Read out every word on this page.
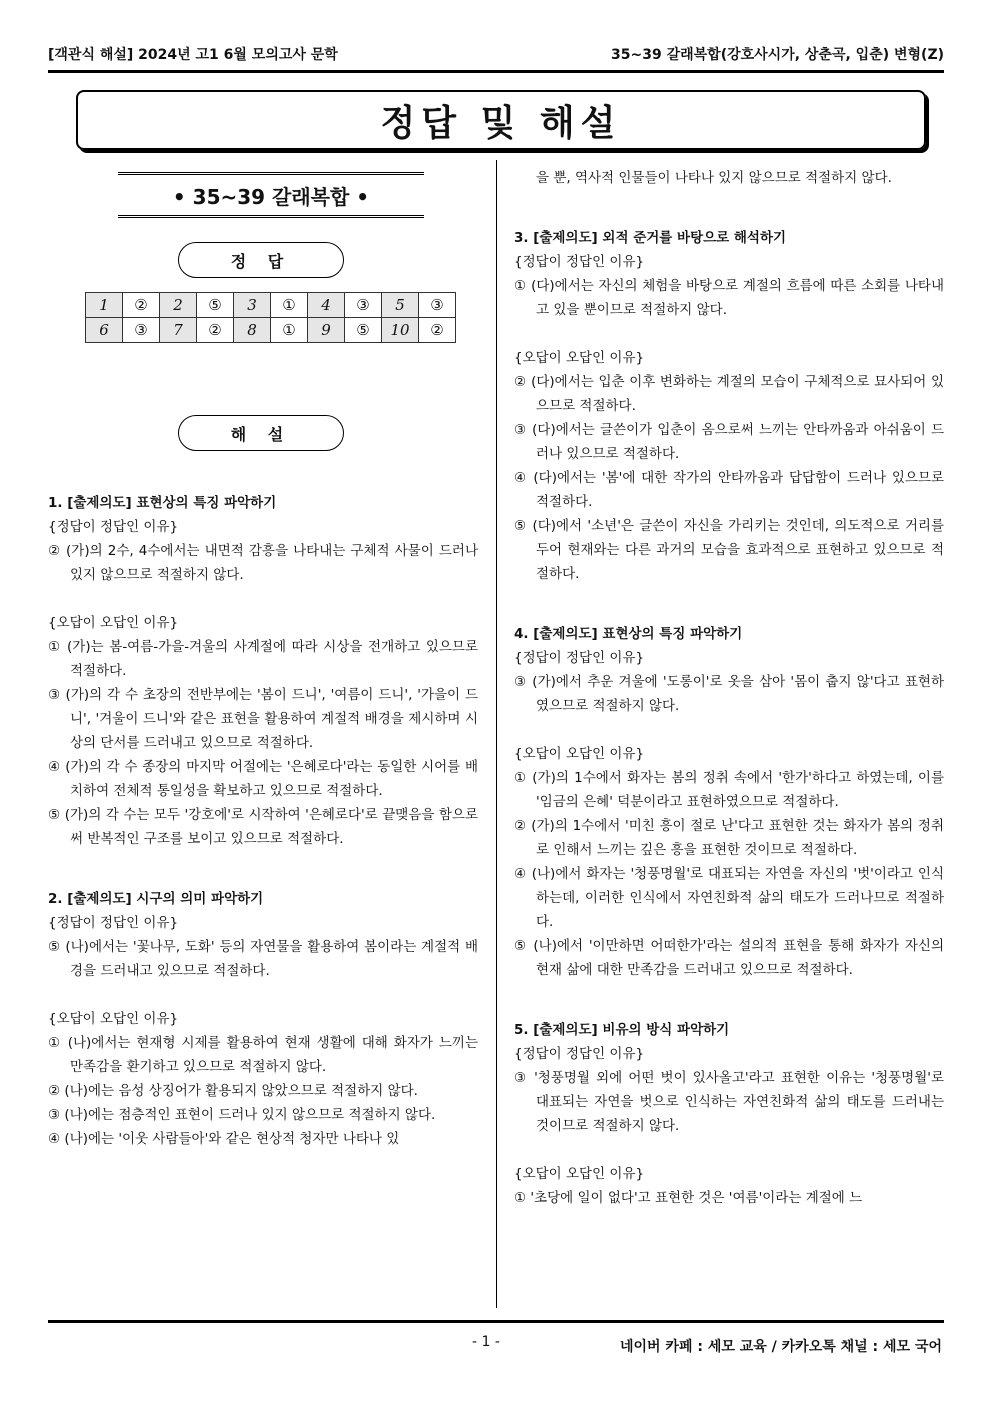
[객관식 해설] 2024년 고1 6월 모의고사 문학	35~39 갈래복합(강호사시가, 상춘곡, 입춘) 변형(Z)
정답 및 해설
• 35~39 갈래복합 •
정 답
1	②	2	⑤	3	①	4	③	5	③
6	③	7	②	8	①	9	⑤	10	②
해 설
1. [출제의도] 표현상의 특징 파악하기
{정답이 정답인 이유}
② (가)의 2수, 4수에서는 내면적 감흥을 나타내는 구체적 사물이 드러나 있지 않으므로 적절하지 않다.
{오답이 오답인 이유}
① (가)는 봄-여름-가을-겨울의 사계절에 따라 시상을 전개하고 있으므로 적절하다.
③ (가)의 각 수 초장의 전반부에는 '봄이 드니', '여름이 드니', '가을이 드니', '겨울이 드니'와 같은 표현을 활용하여 계절적 배경을 제시하며 시상의 단서를 드러내고 있으므로 적절하다.
④ (가)의 각 수 종장의 마지막 어절에는 '은혜로다'라는 동일한 시어를 배치하여 전체적 통일성을 확보하고 있으므로 적절하다.
⑤ (가)의 각 수는 모두 '강호에'로 시작하여 '은혜로다'로 끝맺음을 함으로써 반복적인 구조를 보이고 있으므로 적절하다.
2. [출제의도] 시구의 의미 파악하기
{정답이 정답인 이유}
⑤ (나)에서는 '꽃나무, 도화' 등의 자연물을 활용하여 봄이라는 계절적 배경을 드러내고 있으므로 적절하다.
{오답이 오답인 이유}
① (나)에서는 현재형 시제를 활용하여 현재 생활에 대해 화자가 느끼는 만족감을 환기하고 있으므로 적절하지 않다.
② (나)에는 음성 상징어가 활용되지 않았으므로 적절하지 않다.
③ (나)에는 점층적인 표현이 드러나 있지 않으므로 적절하지 않다.
④ (나)에는 '이웃 사람들아'와 같은 현상적 청자만 나타나 있
을 뿐, 역사적 인물들이 나타나 있지 않으므로 적절하지 않다.
3. [출제의도] 외적 준거를 바탕으로 해석하기
{정답이 정답인 이유}
① (다)에서는 자신의 체험을 바탕으로 계절의 흐름에 따른 소회를 나타내고 있을 뿐이므로 적절하지 않다.
{오답이 오답인 이유}
② (다)에서는 입춘 이후 변화하는 계절의 모습이 구체적으로 묘사되어 있으므로 적절하다.
③ (다)에서는 글쓴이가 입춘이 옴으로써 느끼는 안타까움과 아쉬움이 드러나 있으므로 적절하다.
④ (다)에서는 '봄'에 대한 작가의 안타까움과 답답함이 드러나 있으므로 적절하다.
⑤ (다)에서 '소년'은 글쓴이 자신을 가리키는 것인데, 의도적으로 거리를 두어 현재와는 다른 과거의 모습을 효과적으로 표현하고 있으므로 적절하다.
4. [출제의도] 표현상의 특징 파악하기
{정답이 정답인 이유}
③ (가)에서 추운 겨울에 '도롱이'로 옷을 삼아 '몸이 춥지 않'다고 표현하였으므로 적절하지 않다.
{오답이 오답인 이유}
① (가)의 1수에서 화자는 봄의 정취 속에서 '한가'하다고 하였는데, 이를 '임금의 은혜' 덕분이라고 표현하였으므로 적절하다.
② (가)의 1수에서 '미친 흥이 절로 난'다고 표현한 것는 화자가 봄의 정취로 인해서 느끼는 깊은 흥을 표현한 것이므로 적절하다.
④ (나)에서 화자는 '청풍명월'로 대표되는 자연을 자신의 '벗'이라고 인식하는데, 이러한 인식에서 자연친화적 삶의 태도가 드러나므로 적절하다.
⑤ (나)에서 '이만하면 어떠한가'라는 설의적 표현을 통해 화자가 자신의 현재 삶에 대한 만족감을 드러내고 있으므로 적절하다.
5. [출제의도] 비유의 방식 파악하기
{정답이 정답인 이유}
③ '청풍명월 외에 어떤 벗이 있사올고'라고 표현한 이유는 '청풍명월'로 대표되는 자연을 벗으로 인식하는 자연친화적 삶의 태도를 드러내는 것이므로 적절하지 않다.
{오답이 오답인 이유}
① '초당에 일이 없다'고 표현한 것은 '여름'이라는 계절에 느
- 1 -	네이버 카페 : 세모 교육 / 카카오톡 채널 : 세모 국어
